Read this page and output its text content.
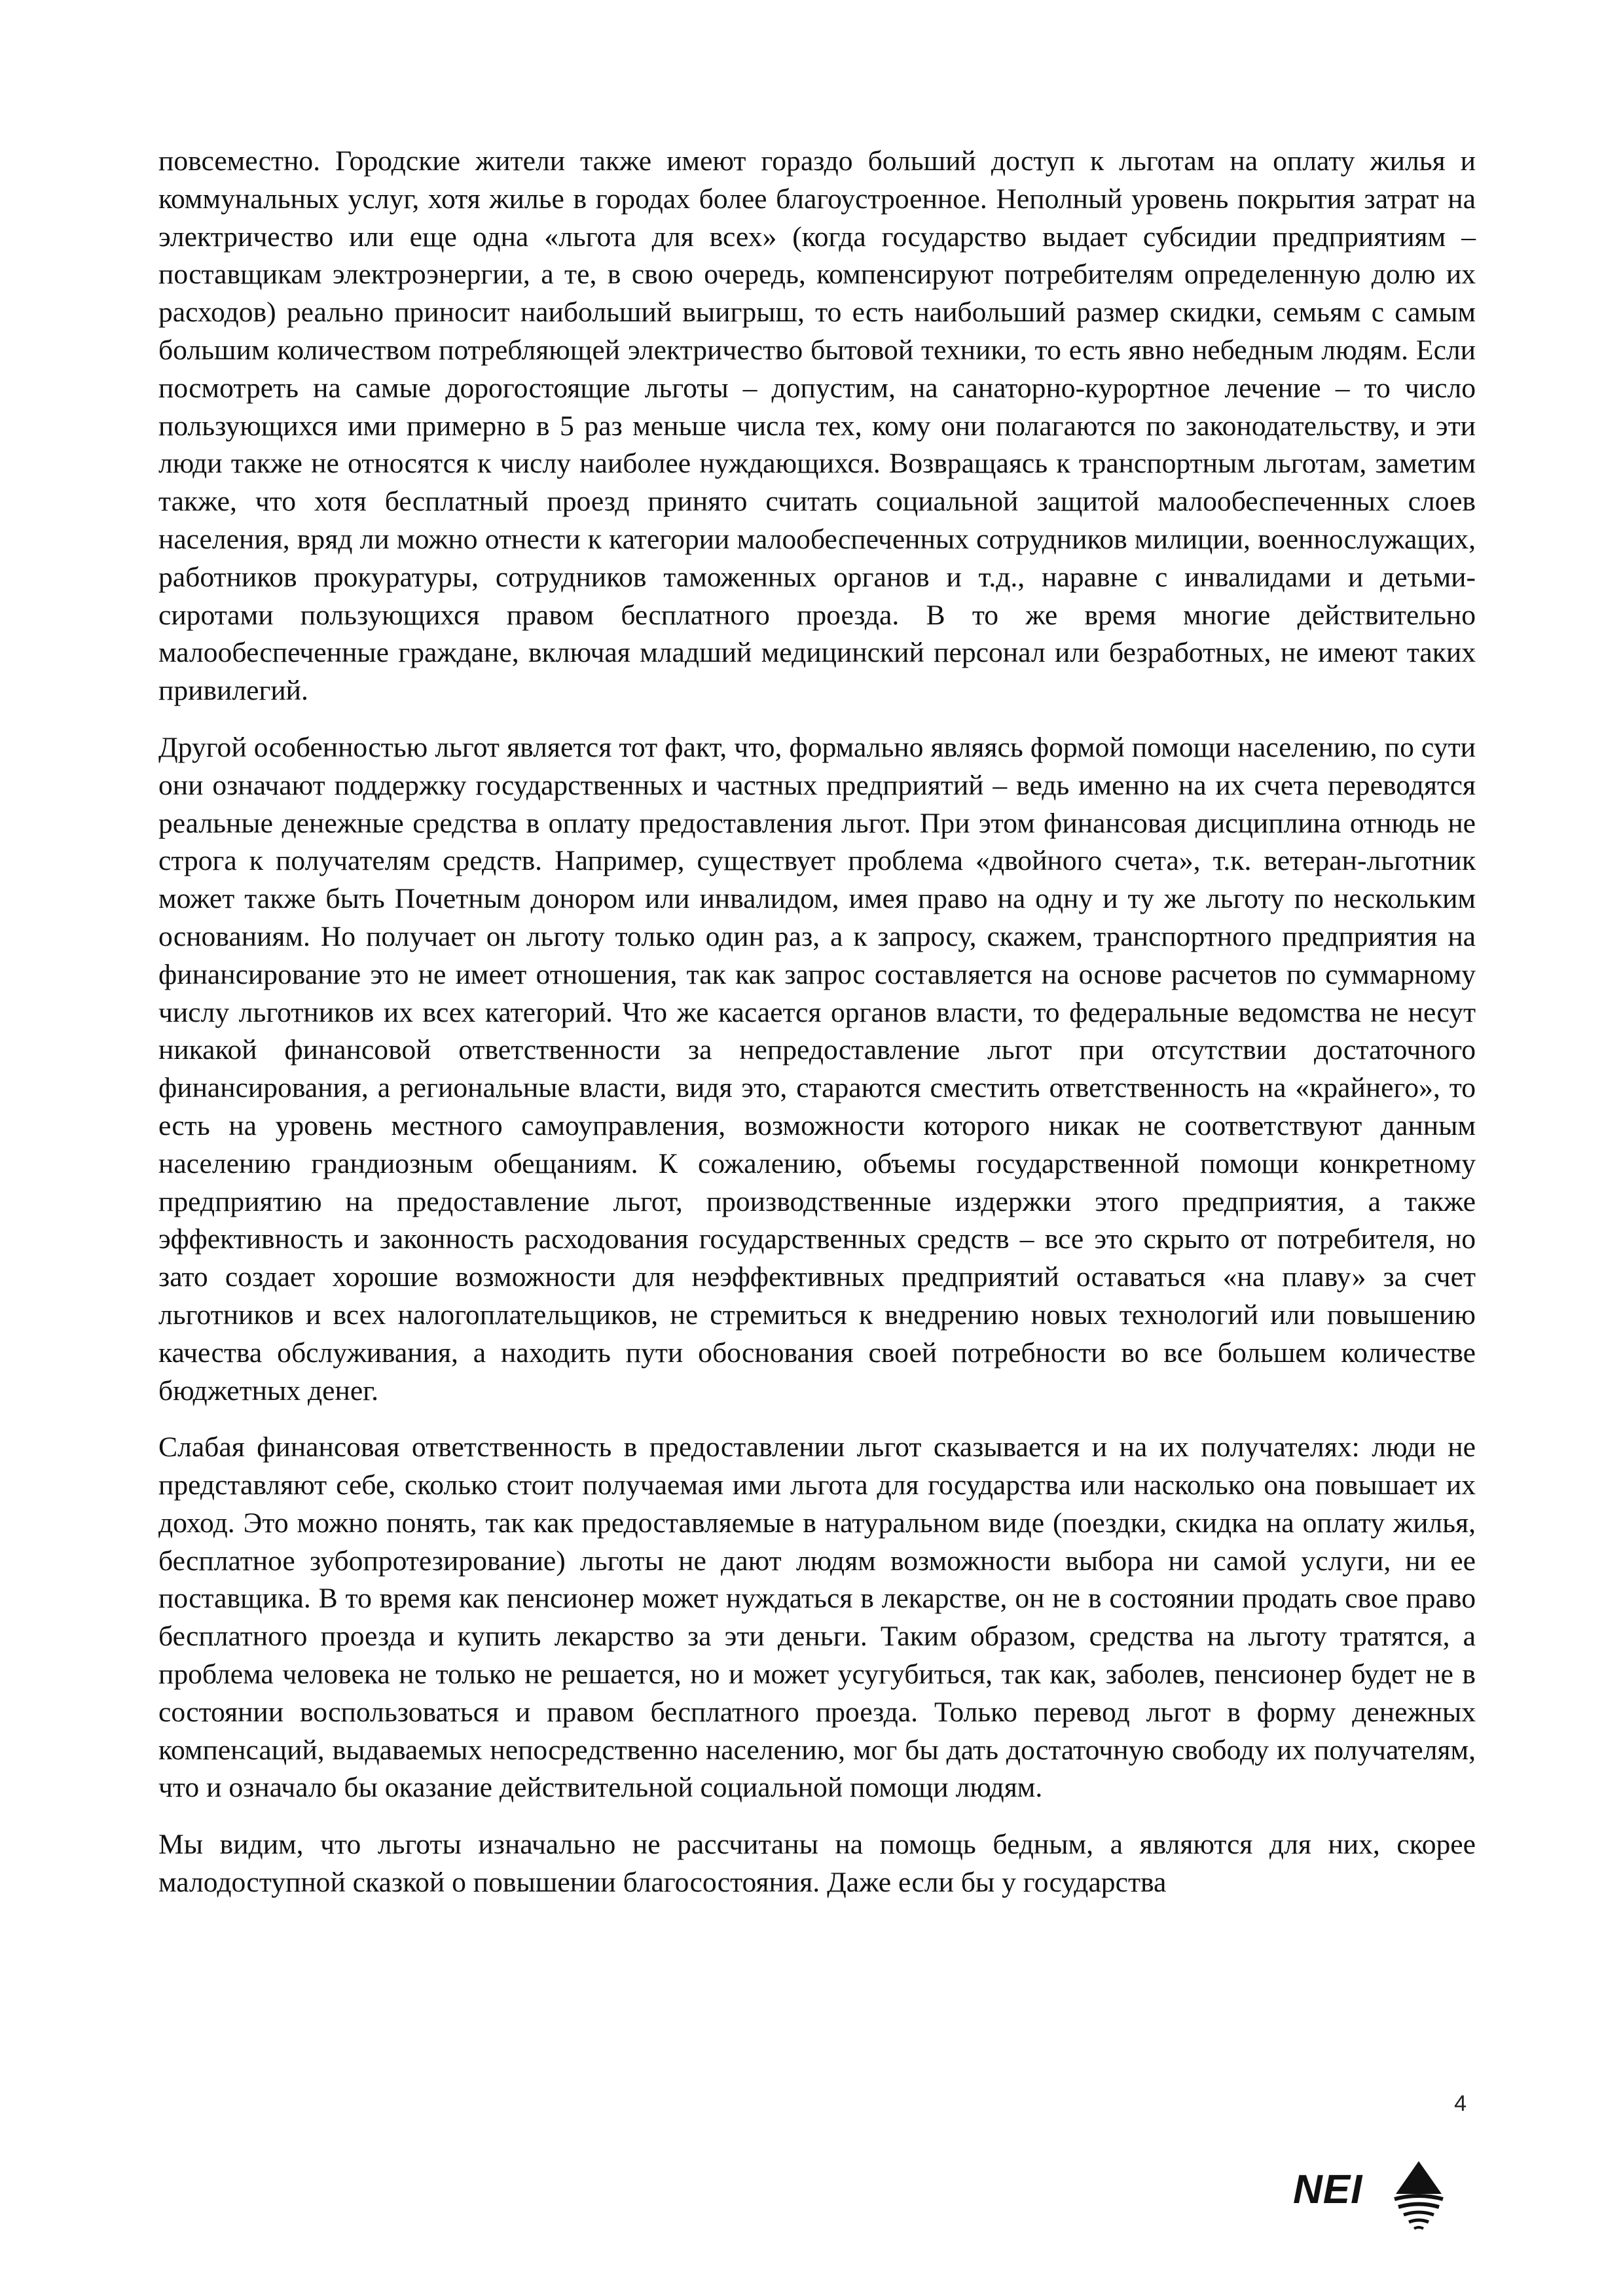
повсеместно. Городские жители также имеют гораздо больший доступ к льготам на оплату жилья и коммунальных услуг, хотя жилье в городах более благоустроенное. Неполный уровень покрытия затрат на электричество или еще одна «льгота для всех» (когда государство выдает субсидии предприятиям – поставщикам электроэнергии, а те, в свою очередь, компенсируют потребителям определенную долю их расходов) реально приносит наибольший выигрыш, то есть наибольший размер скидки, семьям с самым большим количеством потребляющей электричество бытовой техники, то есть явно небедным людям. Если посмотреть на самые дорогостоящие льготы – допустим, на санаторно-курортное лечение – то число пользующихся ими примерно в 5 раз меньше числа тех, кому они полагаются по законодательству, и эти люди также не относятся к числу наиболее нуждающихся. Возвращаясь к транспортным льготам, заметим также, что хотя бесплатный проезд принято считать социальной защитой малообеспеченных слоев населения, вряд ли можно отнести к категории малообеспеченных сотрудников милиции, военнослужащих, работников прокуратуры, сотрудников таможенных органов и т.д., наравне с инвалидами и детьми-сиротами пользующихся правом бесплатного проезда. В то же время многие действительно малообеспеченные граждане, включая младший медицинский персонал или безработных, не имеют таких привилегий.

Другой особенностью льгот является тот факт, что, формально являясь формой помощи населению, по сути они означают поддержку государственных и частных предприятий – ведь именно на их счета переводятся реальные денежные средства в оплату предоставления льгот. При этом финансовая дисциплина отнюдь не строга к получателям средств. Например, существует проблема «двойного счета», т.к. ветеран-льготник может также быть Почетным донором или инвалидом, имея право на одну и ту же льготу по нескольким основаниям. Но получает он льготу только один раз, а к запросу, скажем, транспортного предприятия на финансирование это не имеет отношения, так как запрос составляется на основе расчетов по суммарному числу льготников их всех категорий. Что же касается органов власти, то федеральные ведомства не несут никакой финансовой ответственности за непредоставление льгот при отсутствии достаточного финансирования, а региональные власти, видя это, стараются сместить ответственность на «крайнего», то есть на уровень местного самоуправления, возможности которого никак не соответствуют данным населению грандиозным обещаниям. К сожалению, объемы государственной помощи конкретному предприятию на предоставление льгот, производственные издержки этого предприятия, а также эффективность и законность расходования государственных средств – все это скрыто от потребителя, но зато создает хорошие возможности для неэффективных предприятий оставаться «на плаву» за счет льготников и всех налогоплательщиков, не стремиться к внедрению новых технологий или повышению качества обслуживания, а находить пути обоснования своей потребности во все большем количестве бюджетных денег.

Слабая финансовая ответственность в предоставлении льгот сказывается и на их получателях: люди не представляют себе, сколько стоит получаемая ими льгота для государства или насколько она повышает их доход. Это можно понять, так как предоставляемые в натуральном виде (поездки, скидка на оплату жилья, бесплатное зубопротезирование) льготы не дают людям возможности выбора ни самой услуги, ни ее поставщика. В то время как пенсионер может нуждаться в лекарстве, он не в состоянии продать свое право бесплатного проезда и купить лекарство за эти деньги. Таким образом, средства на льготу тратятся, а проблема человека не только не решается, но и может усугубиться, так как, заболев, пенсионер будет не в состоянии воспользоваться и правом бесплатного проезда. Только перевод льгот в форму денежных компенсаций, выдаваемых непосредственно населению, мог бы дать достаточную свободу их получателям, что и означало бы оказание действительной социальной помощи людям.

Мы видим, что льготы изначально не рассчитаны на помощь бедным, а являются для них, скорее малодоступной сказкой о повышении благосостояния. Даже если бы у государства

4
NEI
